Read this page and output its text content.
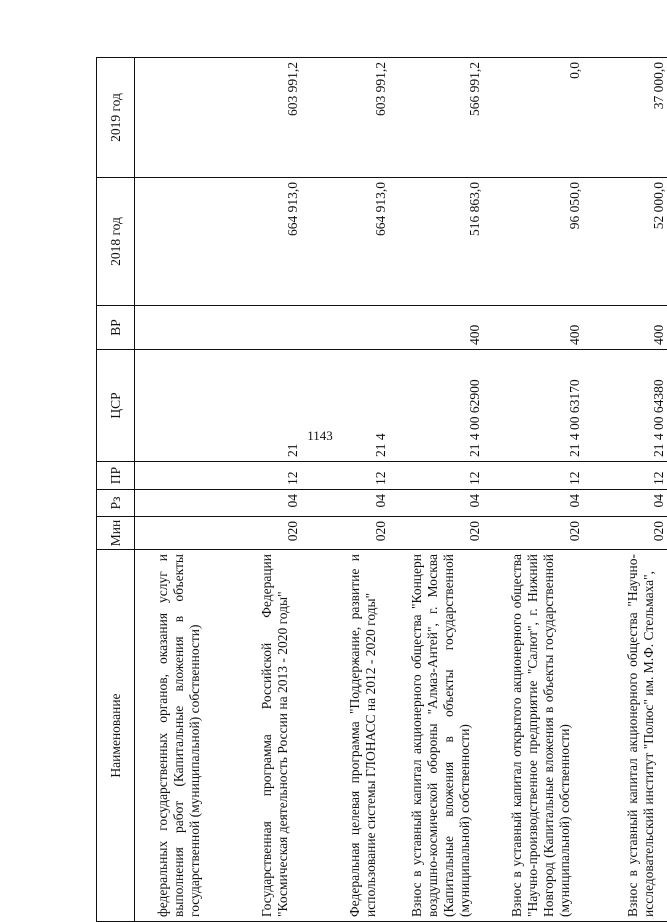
1143
Наименование	Мин	Рз	ПР	ЦСР	ВР	2018 год	2019 год

федеральных государственных органов, оказания услуг и выполнения работ (Капитальные вложения в объекты государственной (муниципальной) собственности)							

Государственная программа Российской Федерации "Космическая деятельность России на 2013 - 2020 годы"	020	04	12	21		664 913,0	603 991,2

Федеральная целевая программа "Поддержание, развитие и использование системы ГЛОНАСС на 2012 - 2020 годы"	020	04	12	21 4		664 913,0	603 991,2

Взнос в уставный капитал акционерного общества "Концерн воздушно-космической обороны "Алмаз-Антей", г. Москва (Капитальные вложения в объекты государственной (муниципальной) собственности)	020	04	12	21 4 00 62900	400	516 863,0	566 991,2

Взнос в уставный капитал открытого акционерного общества "Научно-производственное предприятие "Салют", г. Нижний Новгород (Капитальные вложения в объекты государственной (муниципальной) собственности)	020	04	12	21 4 00 63170	400	96 050,0	0,0

Взнос в уставный капитал акционерного общества "Научно-исследовательский институт "Полюс" им. М.Ф. Стельмаха",	020	04	12	21 4 00 64380	400	52 000,0	37 000,0
